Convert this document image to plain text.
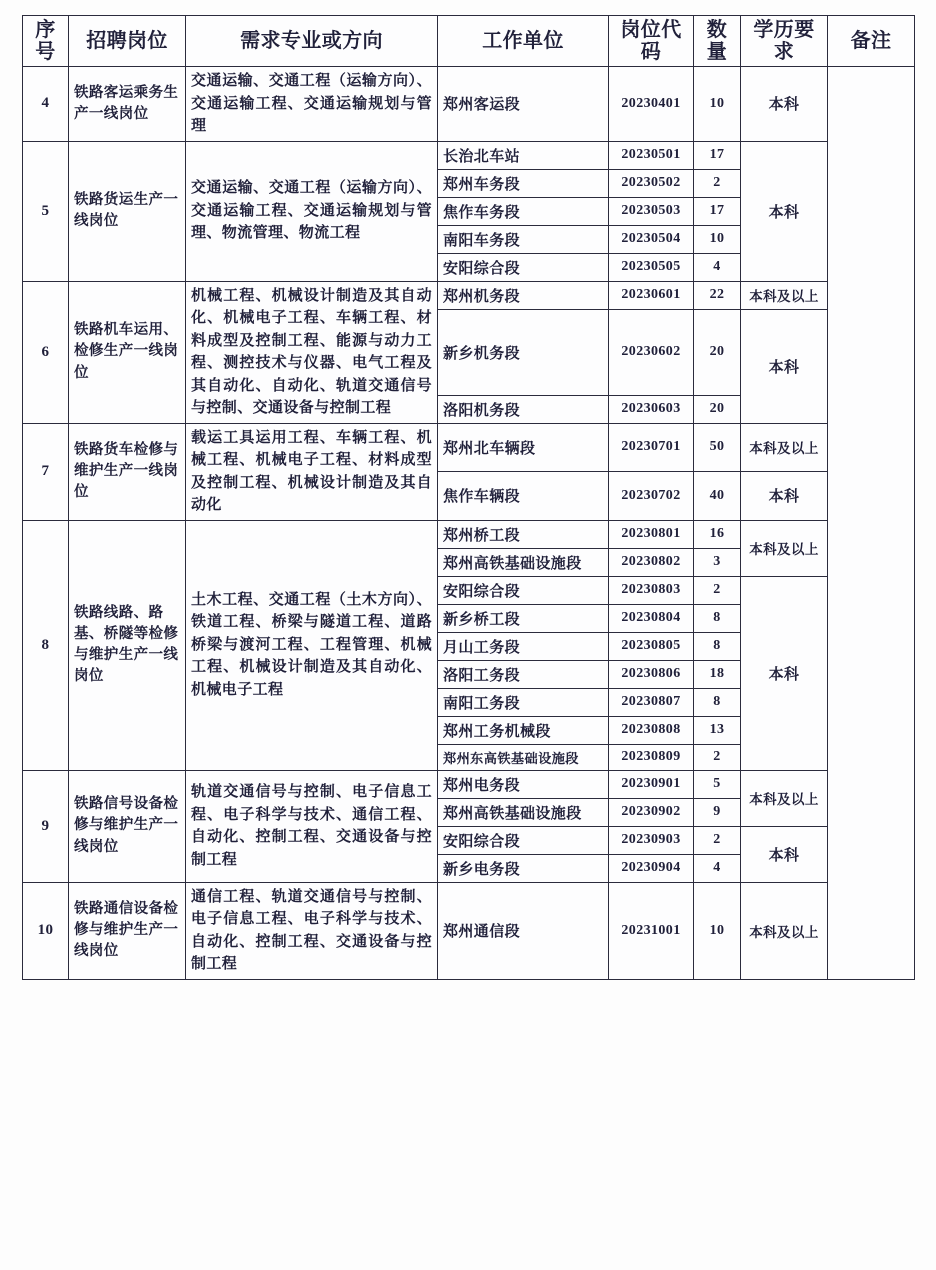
序号	招聘岗位	需求专业或方向	工作单位	岗位代码	数量	学历要求	备注
4	铁路客运乘务生产一线岗位	交通运输、交通工程（运输方向）、交通运输工程、交通运输规划与管理	郑州客运段	20230401	10	本科	
5	铁路货运生产一线岗位	交通运输、交通工程（运输方向）、交通运输工程、交通运输规划与管理、物流管理、物流工程	长治北车站	20230501	17	本科	
			郑州车务段	20230502	2		
			焦作车务段	20230503	17		
			南阳车务段	20230504	10		
			安阳综合段	20230505	4		
6	铁路机车运用、检修生产一线岗位	机械工程、机械设计制造及其自动化、机械电子工程、车辆工程、材料成型及控制工程、能源与动力工程、测控技术与仪器、电气工程及其自动化、自动化、轨道交通信号与控制、交通设备与控制工程	郑州机务段	20230601	22	本科及以上	
			新乡机务段	20230602	20	本科	
			洛阳机务段	20230603	20		
7	铁路货车检修与维护生产一线岗位	载运工具运用工程、车辆工程、机械工程、机械电子工程、材料成型及控制工程、机械设计制造及其自动化	郑州北车辆段	20230701	50	本科及以上	
			焦作车辆段	20230702	40	本科	
8	铁路线路、路基、桥隧等检修与维护生产一线岗位	土木工程、交通工程（土木方向）、铁道工程、桥梁与隧道工程、道路桥梁与渡河工程、工程管理、机械工程、机械设计制造及其自动化、机械电子工程	郑州桥工段	20230801	16	本科及以上	
			郑州高铁基础设施段	20230802	3		
			安阳综合段	20230803	2	本科	
			新乡桥工段	20230804	8		
			月山工务段	20230805	8		
			洛阳工务段	20230806	18		
			南阳工务段	20230807	8		
			郑州工务机械段	20230808	13		
			郑州东高铁基础设施段	20230809	2		
9	铁路信号设备检修与维护生产一线岗位	轨道交通信号与控制、电子信息工程、电子科学与技术、通信工程、自动化、控制工程、交通设备与控制工程	郑州电务段	20230901	5	本科及以上	
			郑州高铁基础设施段	20230902	9		
			安阳综合段	20230903	2	本科	
			新乡电务段	20230904	4		
10	铁路通信设备检修与维护生产一线岗位	通信工程、轨道交通信号与控制、电子信息工程、电子科学与技术、自动化、控制工程、交通设备与控制工程	郑州通信段	20231001	10	本科及以上	
